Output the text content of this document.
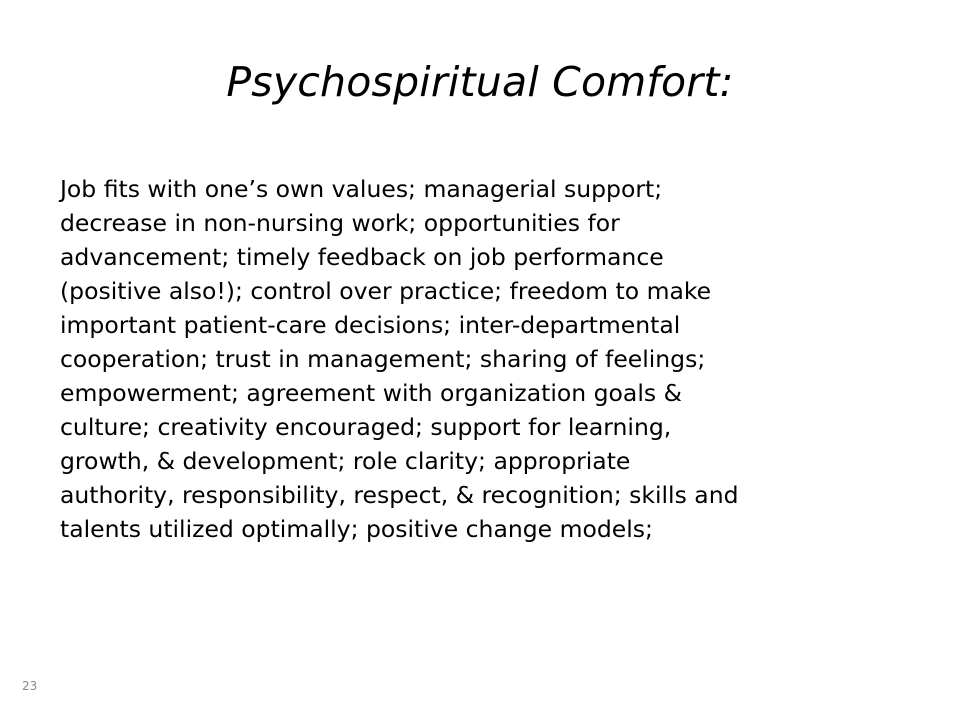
Psychospiritual Comfort:
Job fits with one’s own values; managerial support;
decrease in non-nursing work; opportunities for
advancement; timely feedback on job performance
(positive also!); control over practice; freedom to make
important patient-care decisions; inter-departmental
cooperation; trust in management; sharing of feelings;
empowerment; agreement with organization goals &
culture; creativity encouraged; support for learning,
growth, & development; role clarity; appropriate
authority, responsibility, respect, & recognition; skills and
talents utilized optimally; positive change models;
23
